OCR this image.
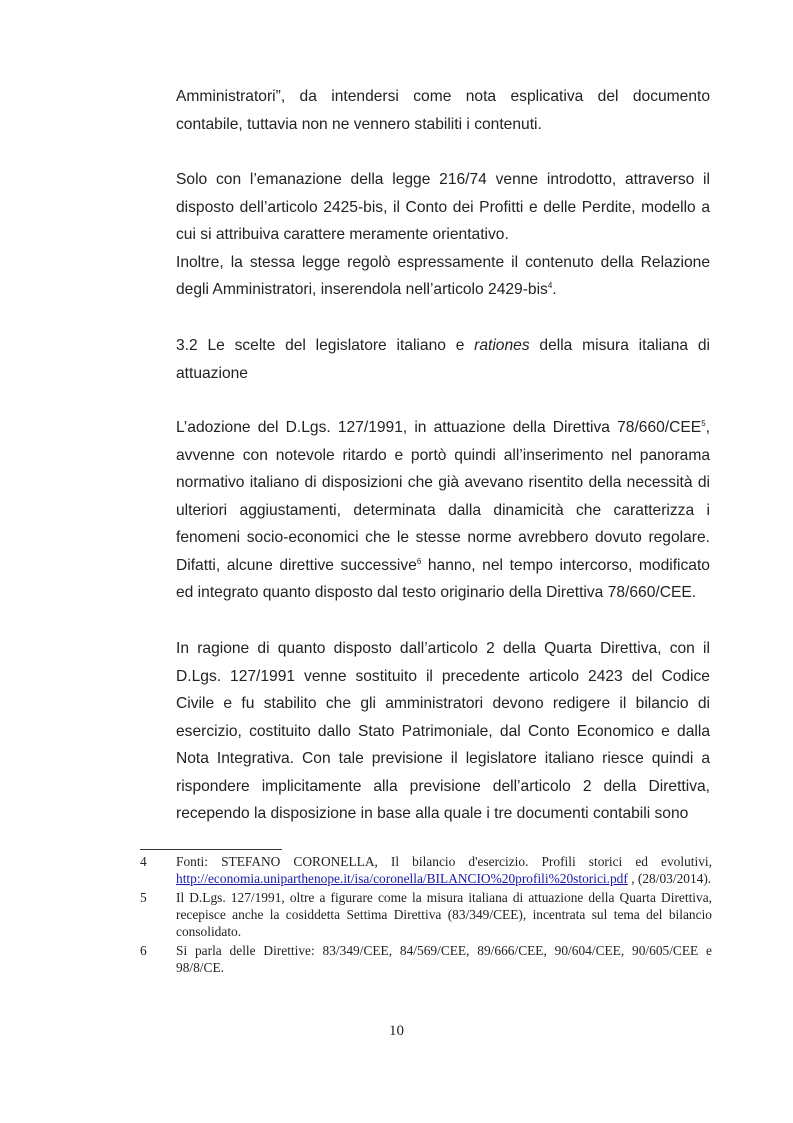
Amministratori”, da intendersi come nota esplicativa del documento contabile, tuttavia non ne vennero stabiliti i contenuti.

Solo con l’emanazione della legge 216/74 venne introdotto, attraverso il disposto dell’articolo 2425-bis, il Conto dei Profitti e delle Perdite, modello a cui si attribuiva carattere meramente orientativo.

Inoltre, la stessa legge regolò espressamente il contenuto della Relazione degli Amministratori, inserendola nell’articolo 2429-bis$^4$.

3.2 Le scelte del legislatore italiano e rationes della misura italiana di attuazione

L’adozione del D.Lgs. 127/1991, in attuazione della Direttiva 78/660/CEE$^5$, avvenne con notevole ritardo e portò quindi all’inserimento nel panorama normativo italiano di disposizioni che già avevano risentito della necessità di ulteriori aggiustamenti, determinata dalla dinamicità che caratterizza i fenomeni socio-economici che le stesse norme avrebbero dovuto regolare. Difatti, alcune direttive successive$^6$ hanno, nel tempo intercorso, modificato ed integrato quanto disposto dal testo originario della Direttiva 78/660/CEE.

In ragione di quanto disposto dall’articolo 2 della Quarta Direttiva, con il D.Lgs. 127/1991 venne sostituito il precedente articolo 2423 del Codice Civile e fu stabilito che gli amministratori devono redigere il bilancio di esercizio, costituito dallo Stato Patrimoniale, dal Conto Economico e dalla Nota Integrativa. Con tale previsione il legislatore italiano riesce quindi a rispondere implicitamente alla previsione dell’articolo 2 della Direttiva, recependo la disposizione in base alla quale i tre documenti contabili sono

4	Fonti: STEFANO CORONELLA, Il bilancio d'esercizio. Profili storici ed evolutivi, http://economia.uniparthenope.it/isa/coronella/BILANCIO%20profili%20storici.pdf , (28/03/2014).
5	Il D.Lgs. 127/1991, oltre a figurare come la misura italiana di attuazione della Quarta Direttiva, recepisce anche la cosiddetta Settima Direttiva (83/349/CEE), incentrata sul tema del bilancio consolidato.
6	Si parla delle Direttive: 83/349/CEE, 84/569/CEE, 89/666/CEE, 90/604/CEE, 90/605/CEE e 98/8/CE.
10
